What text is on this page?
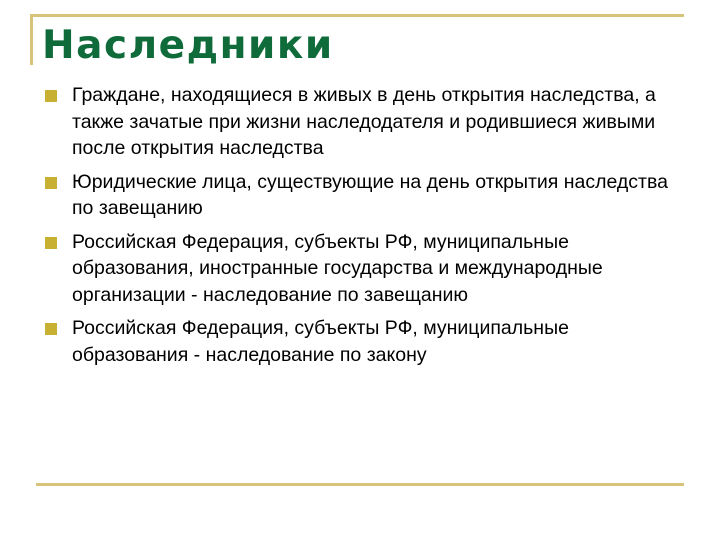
Наследники
Граждане, находящиеся в живых в день открытия наследства, а также зачатые при жизни наследодателя и родившиеся живыми после открытия наследства
Юридические лица, существующие на день открытия наследства по завещанию
Российская Федерация, субъекты РФ, муниципальные образования, иностранные государства и международные организации - наследование по завещанию
Российская Федерация, субъекты РФ, муниципальные образования - наследование по закону
